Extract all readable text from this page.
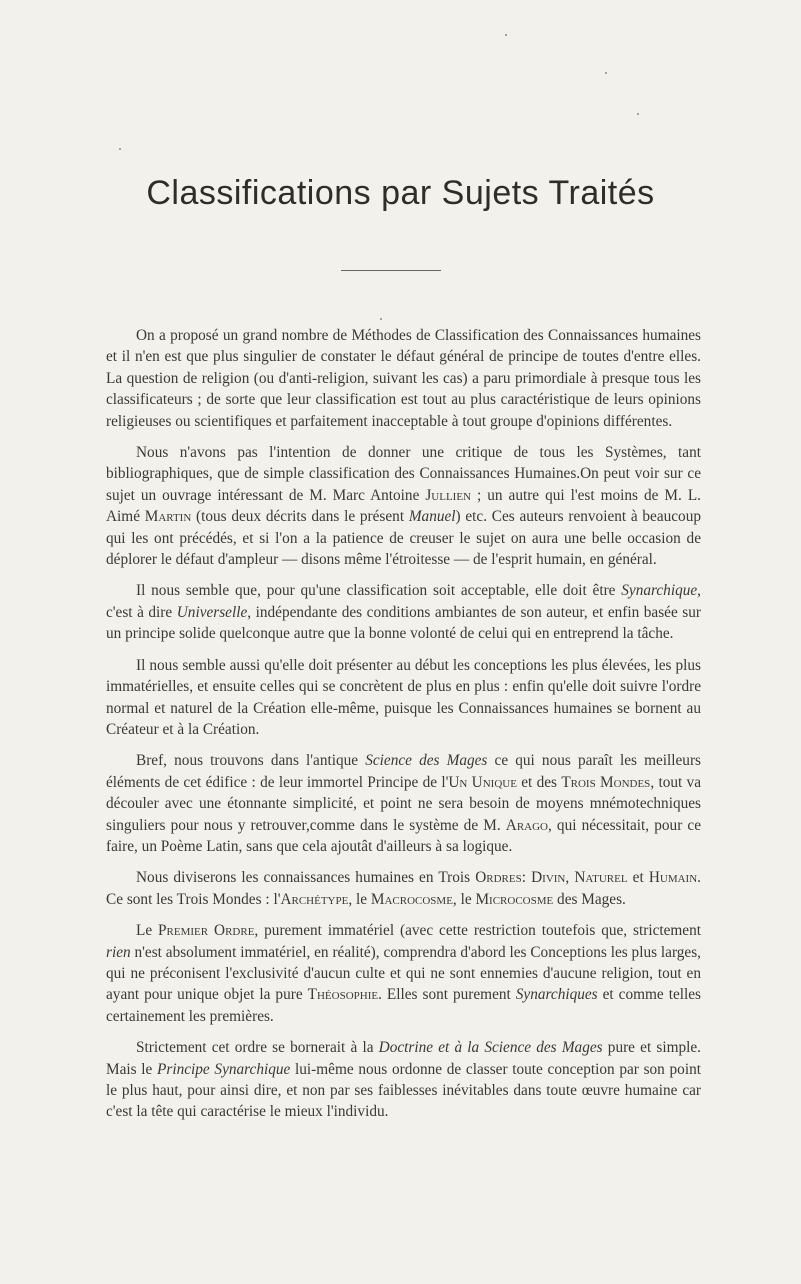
Classifications par Sujets Traités

On a proposé un grand nombre de Méthodes de Classification des Connaissances humaines et il n'en est que plus singulier de constater le défaut général de principe de toutes d'entre elles. La question de religion (ou d'anti-religion, suivant les cas) a paru primordiale à presque tous les classificateurs ; de sorte que leur classification est tout au plus caractéristique de leurs opinions religieuses ou scientifiques et parfaitement inacceptable à tout groupe d'opinions différentes.

Nous n'avons pas l'intention de donner une critique de tous les Systèmes, tant bibliographiques, que de simple classification des Connaissances Humaines.On peut voir sur ce sujet un ouvrage intéressant de M. Marc Antoine Jullien ; un autre qui l'est moins de M. L. Aimé Martin (tous deux décrits dans le présent Manuel) etc. Ces auteurs renvoient à beaucoup qui les ont précédés, et si l'on a la patience de creuser le sujet on aura une belle occasion de déplorer le défaut d'ampleur — disons même l'étroitesse — de l'esprit humain, en général.

Il nous semble que, pour qu'une classification soit acceptable, elle doit être Synarchique, c'est à dire Universelle, indépendante des conditions ambiantes de son auteur, et enfin basée sur un principe solide quelconque autre que la bonne volonté de celui qui en entreprend la tâche.

Il nous semble aussi qu'elle doit présenter au début les conceptions les plus élevées, les plus immatérielles, et ensuite celles qui se concrètent de plus en plus : enfin qu'elle doit suivre l'ordre normal et naturel de la Création elle-même, puisque les Connaissances humaines se bornent au Créateur et à la Création.

Bref, nous trouvons dans l'antique Science des Mages ce qui nous paraît les meilleurs éléments de cet édifice : de leur immortel Principe de l'Un Unique et des Trois Mondes, tout va découler avec une étonnante simplicité, et point ne sera besoin de moyens mnémotechniques singuliers pour nous y retrouver,comme dans le système de M. Arago, qui nécessitait, pour ce faire, un Poème Latin, sans que cela ajoutât d'ailleurs à sa logique.

Nous diviserons les connaissances humaines en Trois Ordres: Divin, Naturel et Humain. Ce sont les Trois Mondes : l'Archétype, le Macrocosme, le Microcosme des Mages.

Le Premier Ordre, purement immatériel (avec cette restriction toutefois que, strictement rien n'est absolument immatériel, en réalité), comprendra d'abord les Conceptions les plus larges, qui ne préconisent l'exclusivité d'aucun culte et qui ne sont ennemies d'aucune religion, tout en ayant pour unique objet la pure Théosophie. Elles sont purement Synarchiques et comme telles certainement les premières.

Strictement cet ordre se bornerait à la Doctrine et à la Science des Mages pure et simple. Mais le Principe Synarchique lui-même nous ordonne de classer toute conception par son point le plus haut, pour ainsi dire, et non par ses faiblesses inévitables dans toute œuvre humaine car c'est la tête qui caractérise le mieux l'individu.
